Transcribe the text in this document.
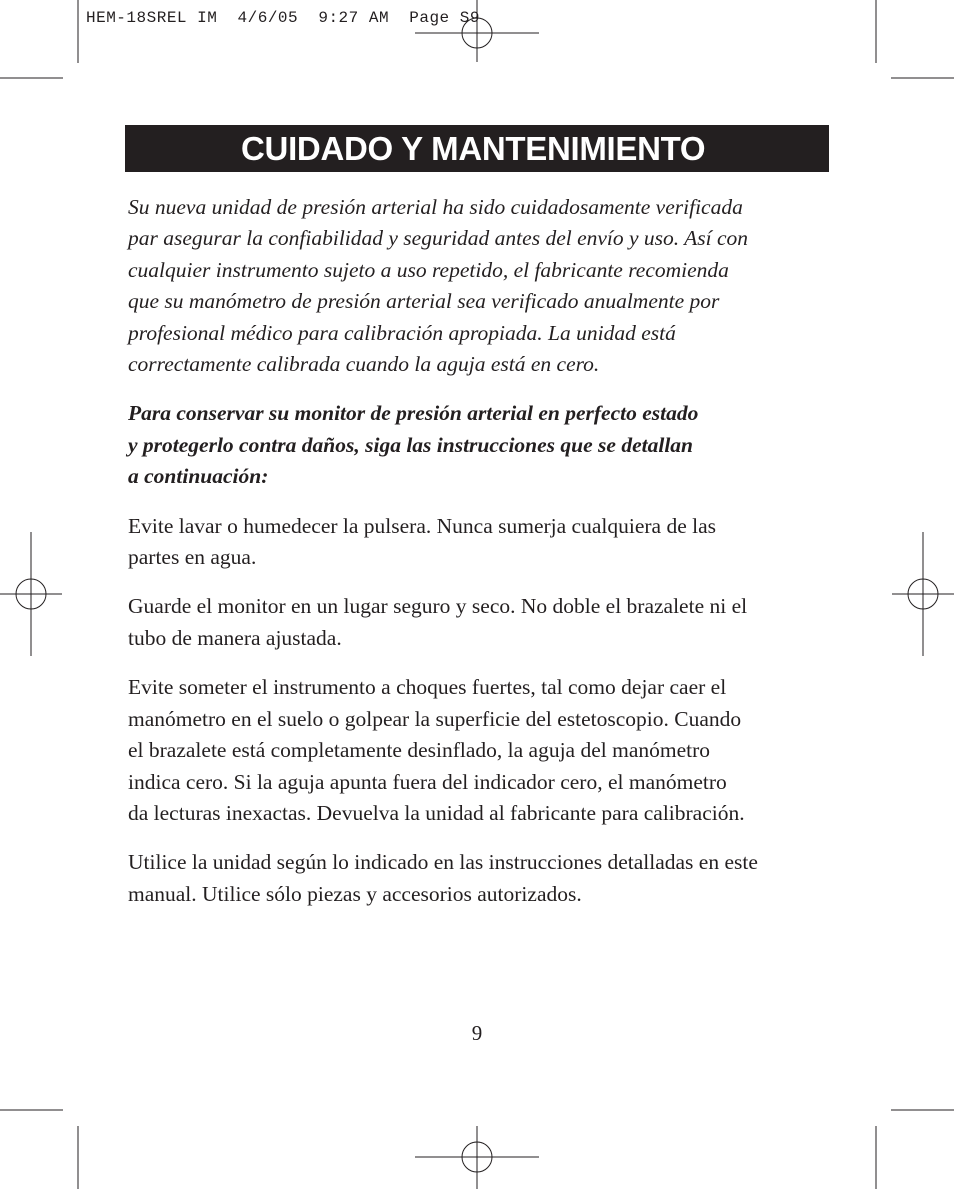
HEM-18SREL IM  4/6/05  9:27 AM  Page S9
CUIDADO Y MANTENIMIENTO

Su nueva unidad de presión arterial ha sido cuidadosamente verificada
par asegurar la confiabilidad y seguridad antes del envío y uso. Así con
cualquier instrumento sujeto a uso repetido, el fabricante recomienda
que su manómetro de presión arterial sea verificado anualmente por
profesional médico para calibración apropiada. La unidad está
correctamente calibrada cuando la aguja está en cero.

Para conservar su monitor de presión arterial en perfecto estado
y protegerlo contra daños, siga las instrucciones que se detallan
a continuación:

Evite lavar o humedecer la pulsera. Nunca sumerja cualquiera de las
partes en agua.

Guarde el monitor en un lugar seguro y seco. No doble el brazalete ni el
tubo de manera ajustada.

Evite someter el instrumento a choques fuertes, tal como dejar caer el
manómetro en el suelo o golpear la superficie del estetoscopio. Cuando
el brazalete está completamente desinflado, la aguja del manómetro
indica cero. Si la aguja apunta fuera del indicador cero, el manómetro
da lecturas inexactas. Devuelva la unidad al fabricante para calibración.

Utilice la unidad según lo indicado en las instrucciones detalladas en este
manual. Utilice sólo piezas y accesorios autorizados.

9
